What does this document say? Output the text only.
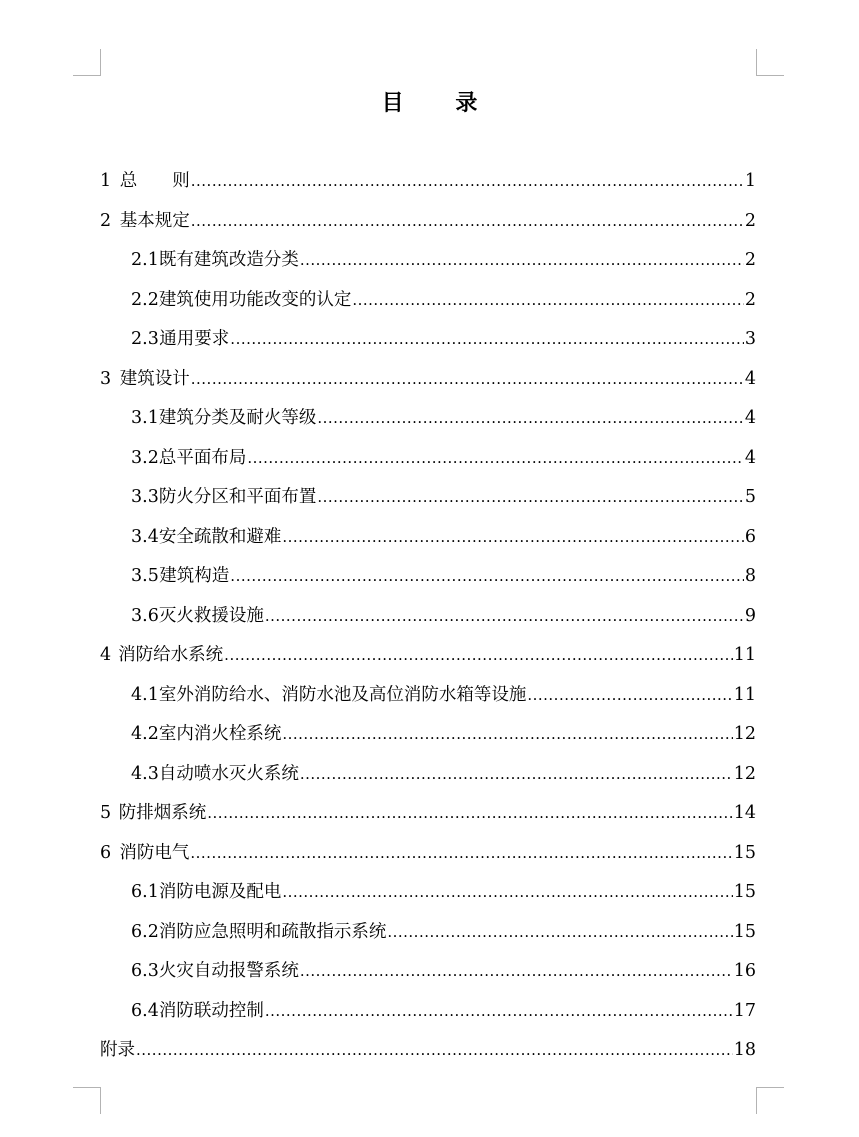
目 录
1 总　　则 .....	1
2 基本规定 .....	2
2.1 既有建筑改造分类 .....	2
2.2 建筑使用功能改变的认定 .....	2
2.3 通用要求 .....	3
3 建筑设计 .....	4
3.1 建筑分类及耐火等级 .....	4
3.2 总平面布局 .....	4
3.3 防火分区和平面布置 .....	5
3.4 安全疏散和避难 .....	6
3.5 建筑构造 .....	8
3.6 灭火救援设施 .....	9
4 消防给水系统 .....	11
4.1 室外消防给水、消防水池及高位消防水箱等设施 .....	11
4.2 室内消火栓系统 .....	12
4.3 自动喷水灭火系统 .....	12
5 防排烟系统 .....	14
6 消防电气 .....	15
6.1 消防电源及配电 .....	15
6.2 消防应急照明和疏散指示系统 .....	15
6.3 火灾自动报警系统 .....	16
6.4 消防联动控制 .....	17
附录 .....	18
